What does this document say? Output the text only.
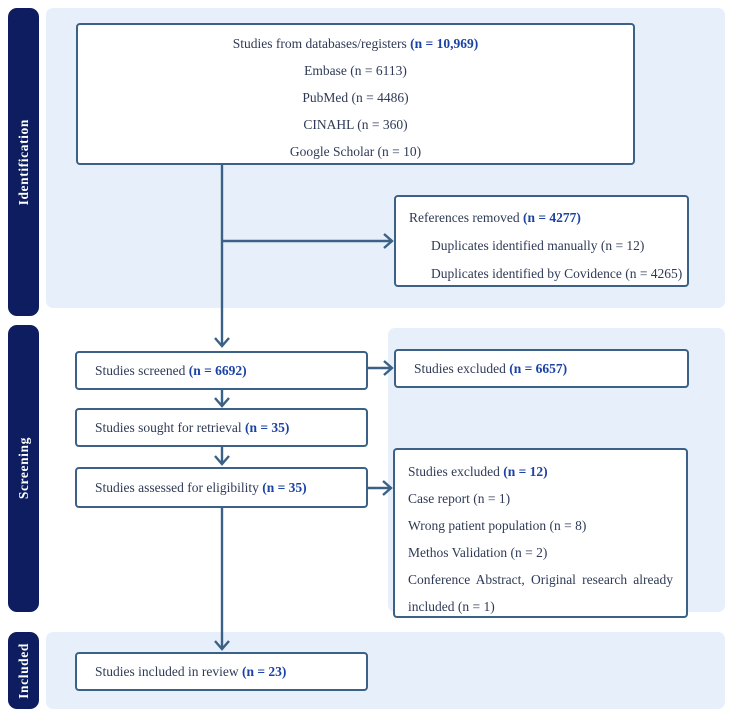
Identification
Screening
Included
Studies from databases/registers (n = 10,969)
Embase (n = 6113)
PubMed (n = 4486)
CINAHL (n = 360)
Google Scholar (n = 10)
References removed (n = 4277)
Duplicates identified manually (n = 12)
Duplicates identified by Covidence (n = 4265)
Studies screened (n = 6692)	Studies excluded (n = 6657)
Studies sought for retrieval (n = 35)
Studies assessed for eligibility (n = 35)
Studies excluded (n = 12)
Case report (n = 1)
Wrong patient population (n = 8)
Methos Validation (n = 2)
Conference Abstract, Original research already included (n = 1)
Studies included in review (n = 23)
